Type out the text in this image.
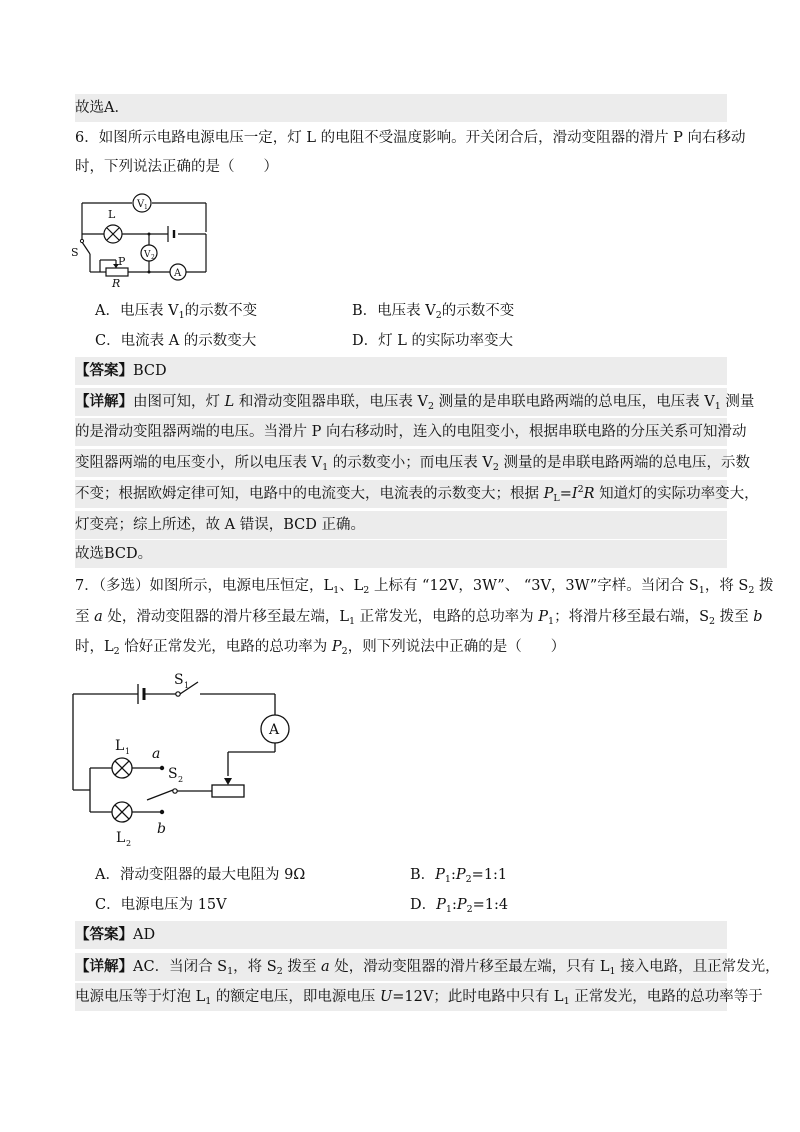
故选A．
6．如图所示电路电源电压一定，灯 L 的电阻不受温度影响。开关闭合后，滑动变阻器的滑片 P 向右移动
时，下列说法正确的是（　　）
V 1
L
V 2
A
S
P
R
A．电压表 $V_1$的示数不变	B．电压表 $V_2$的示数不变
C．电流表 A 的示数变大	D．灯 L 的实际功率变大
【答案】BCD
【详解】由图可知，灯 L 和滑动变阻器串联，电压表 $V_2$ 测量的是串联电路两端的总电压，电压表 $V_1$ 测量
的是滑动变阻器两端的电压。当滑片 P 向右移动时，连入的电阻变小，根据串联电路的分压关系可知滑动
变阻器两端的电压变小，所以电压表 $V_1$ 的示数变小；而电压表 $V_2$ 测量的是串联电路两端的总电压，示数
不变；根据欧姆定律可知，电路中的电流变大，电流表的示数变大；根据 $P_L=I^2R$ 知道灯的实际功率变大，
灯变亮；综上所述，故 A 错误，BCD 正确。
故选BCD。
7．（多选）如图所示，电源电压恒定，$L_1$、$L_2$ 上标有 “12V，3W”、 “3V，3W”字样。当闭合 $S_1$，将 $S_2$ 拨
至 a 处，滑动变阻器的滑片移至最左端，$L_1$ 正常发光，电路的总功率为 $P_1$；将滑片移至最右端，$S_2$ 拨至 b
时，$L_2$ 恰好正常发光，电路的总功率为 $P_2$，则下列说法中正确的是（　　）
A
S 1
L 1 a
S 2
L 2
b
A．滑动变阻器的最大电阻为 9Ω	B．$P_1:P_2=1:1$
C．电源电压为 15V	D．$P_1:P_2=1:4$
【答案】AD
【详解】AC．当闭合 $S_1$，将 $S_2$ 拨至 a 处，滑动变阻器的滑片移至最左端，只有 $L_1$ 接入电路，且正常发光，
电源电压等于灯泡 $L_1$ 的额定电压，即电源电压 U=12V；此时电路中只有 $L_1$ 正常发光，电路的总功率等于
